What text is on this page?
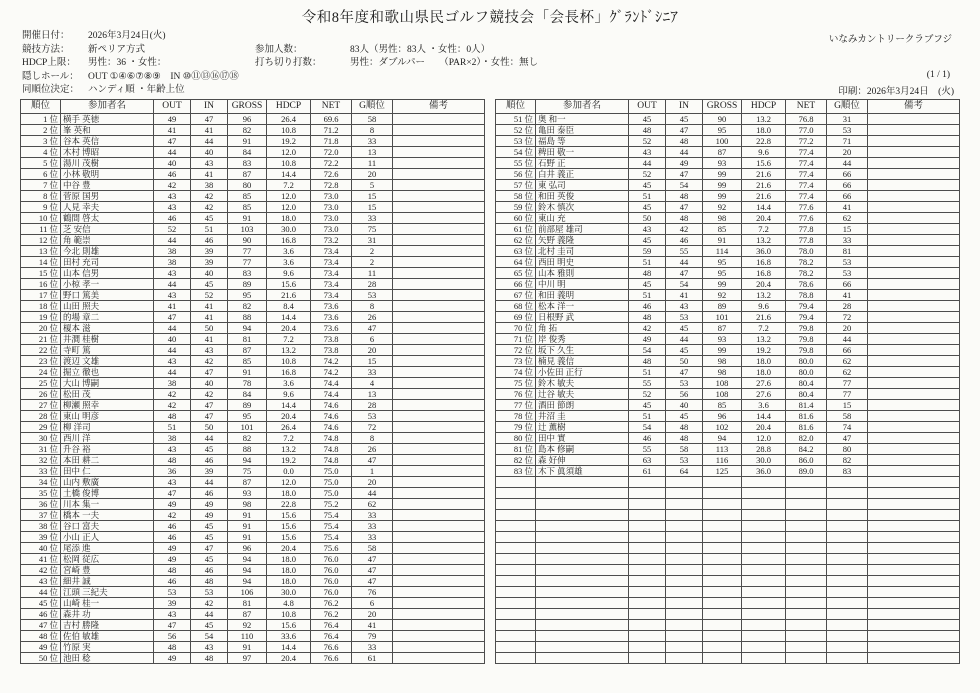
令和8年度和歌山県民ゴルフ競技会「会長杯」ｸﾞﾗﾝﾄﾞｼﾆｱ
いなみカントリークラブフジ
(1 / 1)
印刷：2026年3月24日　(火)
開催日付： 2026年3月24日(火)
競技方法： 新ペリア方式	参加人数：	83人（男性：83人 ・女性：0人）
HDCP上限： 男性：36 ・女性：	打ち切り打数：	男性：ダブルパー　　（PAR×2）・女性：無し
隠しホール： OUT ①④⑥⑦⑧⑨　IN ⑩⑪⑬⑯⑰⑱
同順位決定： ハンディ順 ・年齢上位
順位	参加者名	OUT	IN	GROSS	HDCP	NET	G順位	備考
1 位	横手 英徳	49	47	96	26.4	69.6	58	
2 位	峯 英和	41	41	82	10.8	71.2	8	
3 位	谷本 英信	47	44	91	19.2	71.8	33	
4 位	木村 博昭	44	40	84	12.0	72.0	13	
5 位	湯川 茂樹	40	43	83	10.8	72.2	11	
6 位	小林 敬明	46	41	87	14.4	72.6	20	
7 位	中谷 豊	42	38	80	7.2	72.8	5	
8 位	菅原 国男	43	42	85	12.0	73.0	15	
9 位	人見 幸夫	43	42	85	12.0	73.0	15	
10 位	鶴間 啓太	46	45	91	18.0	73.0	33	
11 位	芝 安信	52	51	103	30.0	73.0	75	
12 位	角 範崇	44	46	90	16.8	73.2	31	
13 位	今北 則雄	38	39	77	3.6	73.4	2	
14 位	田村 充司	38	39	77	3.6	73.4	2	
15 位	山本 信男	43	40	83	9.6	73.4	11	
16 位	小椋 孝一	44	45	89	15.6	73.4	28	
17 位	野口 篤美	43	52	95	21.6	73.4	53	
18 位	山田 照夫	41	41	82	8.4	73.6	8	
19 位	的場 章二	47	41	88	14.4	73.6	26	
20 位	榎本 滋	44	50	94	20.4	73.6	47	
21 位	井澗 桂樹	40	41	81	7.2	73.8	6	
22 位	寺町 篤	44	43	87	13.2	73.8	20	
23 位	渡辺 文雄	43	42	85	10.8	74.2	15	
24 位	掘立 徹也	44	47	91	16.8	74.2	33	
25 位	大山 博嗣	38	40	78	3.6	74.4	4	
26 位	松田 茂	42	42	84	9.6	74.4	13	
27 位	柳瀬 照幸	42	47	89	14.4	74.6	28	
28 位	東山 明彦	48	47	95	20.4	74.6	53	
29 位	柳 洋司	51	50	101	26.4	74.6	72	
30 位	西川 洋	38	44	82	7.2	74.8	8	
31 位	升谷 裕	43	45	88	13.2	74.8	26	
32 位	本田 耕二	48	46	94	19.2	74.8	47	
33 位	田中 仁	36	39	75	0.0	75.0	1	
34 位	山内 敷廣	43	44	87	12.0	75.0	20	
35 位	土橋 俊博	47	46	93	18.0	75.0	44	
36 位	川本 集一	49	49	98	22.8	75.2	62	
37 位	橋本 一夫	42	49	91	15.6	75.4	33	
38 位	谷口 富夫	46	45	91	15.6	75.4	33	
39 位	小山 正人	46	45	91	15.6	75.4	33	
40 位	尾添 進	49	47	96	20.4	75.6	58	
41 位	松岡 従広	49	45	94	18.0	76.0	47	
42 位	宮崎 豊	48	46	94	18.0	76.0	47	
43 位	細井 誠	46	48	94	18.0	76.0	47	
44 位	江頭 三紀夫	53	53	106	30.0	76.0	76	
45 位	山崎 桂一	39	42	81	4.8	76.2	6	
46 位	森井 功	43	44	87	10.8	76.2	20	
47 位	吉村 勝隆	47	45	92	15.6	76.4	41	
48 位	佐伯 敏雄	56	54	110	33.6	76.4	79	
49 位	竹原 実	48	43	91	14.4	76.6	33	
50 位	池田 稔	49	48	97	20.4	76.6	61	
順位	参加者名	OUT	IN	GROSS	HDCP	NET	G順位	備考
51 位	奥 和一	45	45	90	13.2	76.8	31	
52 位	亀田 泰臣	48	47	95	18.0	77.0	53	
53 位	福島 等	52	48	100	22.8	77.2	71	
54 位	稗田 敬一	43	44	87	9.6	77.4	20	
55 位	石野 正	44	49	93	15.6	77.4	44	
56 位	白井 義正	52	47	99	21.6	77.4	66	
57 位	東 弘司	45	54	99	21.6	77.4	66	
58 位	和田 英俊	51	48	99	21.6	77.4	66	
59 位	鈴木 慎次	45	47	92	14.4	77.6	41	
60 位	東山 充	50	48	98	20.4	77.6	62	
61 位	前部屋 雄司	43	42	85	7.2	77.8	15	
62 位	矢野 義隆	45	46	91	13.2	77.8	33	
63 位	北村 圭司	59	55	114	36.0	78.0	81	
64 位	西田 明史	51	44	95	16.8	78.2	53	
65 位	山本 雅則	48	47	95	16.8	78.2	53	
66 位	中川 明	45	54	99	20.4	78.6	66	
67 位	和田 義明	51	41	92	13.2	78.8	41	
68 位	松本 洋一	46	43	89	9.6	79.4	28	
69 位	日根野 武	48	53	101	21.6	79.4	72	
70 位	角 拓	42	45	87	7.2	79.8	20	
71 位	岸 俊秀	49	44	93	13.2	79.8	44	
72 位	坂下 久生	54	45	99	19.2	79.8	66	
73 位	楠見 義信	48	50	98	18.0	80.0	62	
74 位	小佐田 正行	51	47	98	18.0	80.0	62	
75 位	鈴木 敏夫	55	53	108	27.6	80.4	77	
76 位	辻谷 敏夫	52	56	108	27.6	80.4	77	
77 位	酒田 節朗	45	40	85	3.6	81.4	15	
78 位	井沼 圭	51	45	96	14.4	81.6	58	
79 位	辻 薫樹	54	48	102	20.4	81.6	74	
80 位	田中 實	46	48	94	12.0	82.0	47	
81 位	島本 修嗣	55	58	113	28.8	84.2	80	
82 位	森 好伸	63	53	116	30.0	86.0	82	
83 位	木下 眞須雄	61	64	125	36.0	89.0	83	
